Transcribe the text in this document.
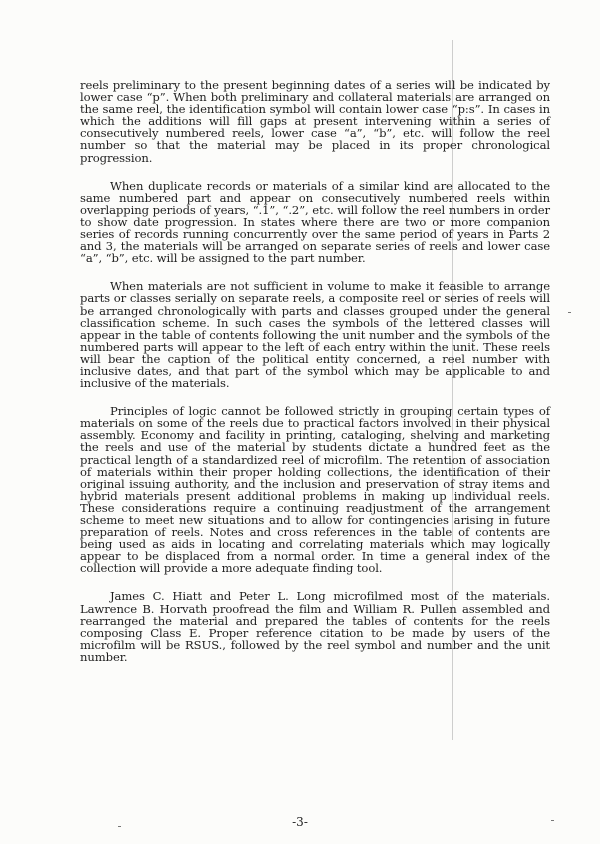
reels preliminary to the present beginning dates of a series will be indicated by lower case “p”. When both preliminary and collateral materials are arranged on the same reel, the identification symbol will contain lower case “p:s”. In cases in which the additions will fill gaps at present intervening within a series of consecutively numbered reels, lower case “a”, “b”, etc. will follow the reel number so that the material may be placed in its proper chronological progression.

When duplicate records or materials of a similar kind are allocated to the same numbered part and appear on consecutively numbered reels within overlapping periods of years, “.1”, “.2”, etc. will follow the reel numbers in order to show date progression. In states where there are two or more companion series of records running concurrently over the same period of years in Parts 2 and 3, the materials will be arranged on separate series of reels and lower case “a”, “b”, etc. will be assigned to the part number.

When materials are not sufficient in volume to make it feasible to arrange parts or classes serially on separate reels, a composite reel or series of reels will be arranged chronologically with parts and classes grouped under the general classification scheme. In such cases the symbols of the lettered classes will appear in the table of contents following the unit number and the symbols of the numbered parts will appear to the left of each entry within the unit. These reels will bear the caption of the political entity concerned, a reel number with inclusive dates, and that part of the symbol which may be applicable to and inclusive of the materials.

Principles of logic cannot be followed strictly in grouping certain types of materials on some of the reels due to practical factors involved in their physical assembly. Economy and facility in printing, cataloging, shelving and marketing the reels and use of the material by students dictate a hundred feet as the practical length of a standardized reel of microfilm. The retention of association of materials within their proper holding collections, the identification of their original issuing authority, and the inclusion and preservation of stray items and hybrid materials present additional problems in making up individual reels. These considerations require a continuing readjustment of the arrangement scheme to meet new situations and to allow for contingencies arising in future preparation of reels. Notes and cross references in the table of contents are being used as aids in locating and correlating materials which may logically appear to be displaced from a normal order. In time a general index of the collection will provide a more adequate finding tool.

James C. Hiatt and Peter L. Long microfilmed most of the materials. Lawrence B. Horvath proofread the film and William R. Pullen assembled and rearranged the material and prepared the tables of contents for the reels composing Class E. Proper reference citation to be made by users of the microfilm will be RSUS., followed by the reel symbol and number and the unit number.

-3-
